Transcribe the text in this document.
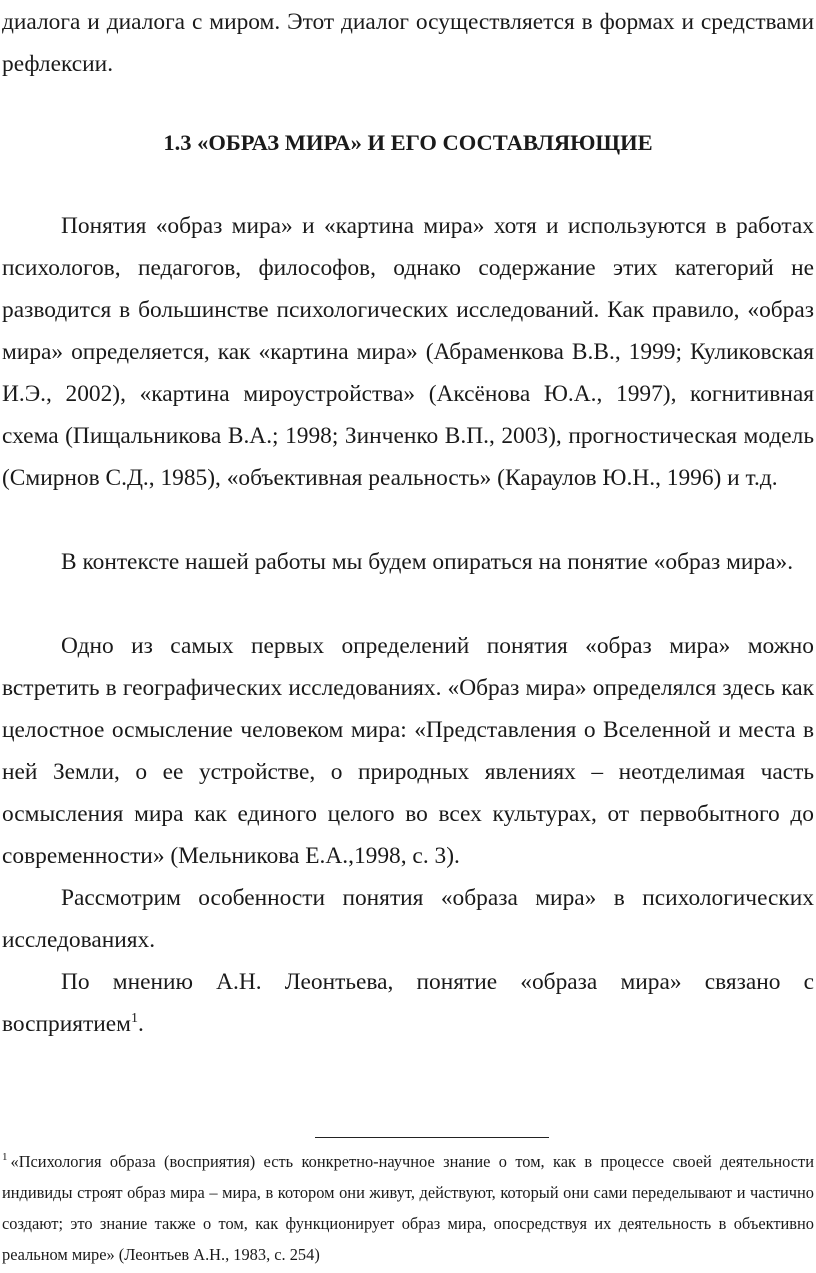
диалога и диалога с миром. Этот диалог осуществляется в формах и средствами рефлексии.

1.3 «ОБРАЗ МИРА» И ЕГО СОСТАВЛЯЮЩИЕ

Понятия «образ мира» и «картина мира» хотя и используются в работах психологов, педагогов, философов, однако содержание этих категорий не разводится в большинстве психологических исследований. Как правило, «образ мира» определяется, как «картина мира» (Абраменкова В.В., 1999; Куликовская И.Э., 2002), «картина мироустройства» (Аксёнова Ю.А., 1997), когнитивная схема (Пищальникова В.А.; 1998; Зинченко В.П., 2003), прогностическая модель (Смирнов С.Д., 1985), «объективная реальность» (Караулов Ю.Н., 1996) и т.д.

В контексте нашей работы мы будем опираться на понятие «образ мира».

Одно из самых первых определений понятия «образ мира» можно встретить в географических исследованиях. «Образ мира» определялся здесь как целостное осмысление человеком мира: «Представления о Вселенной и места в ней Земли, о ее устройстве, о природных явлениях – неотделимая часть осмысления мира как единого целого во всех культурах, от первобытного до современности» (Мельникова Е.А.,1998, с. 3).

Рассмотрим особенности понятия «образа мира» в психологических исследованиях.

По мнению А.Н. Леонтьева, понятие «образа мира» связано с восприятием$^1$.

$^1$ «Психология образа (восприятия) есть конкретно-научное знание о том, как в процессе своей деятельности индивиды строят образ мира – мира, в котором они живут, действуют, который они сами переделывают и частично создают; это знание также о том, как функционирует образ мира, опосредствуя их деятельность в объективно реальном мире» (Леонтьев А.Н., 1983, с. 254)
